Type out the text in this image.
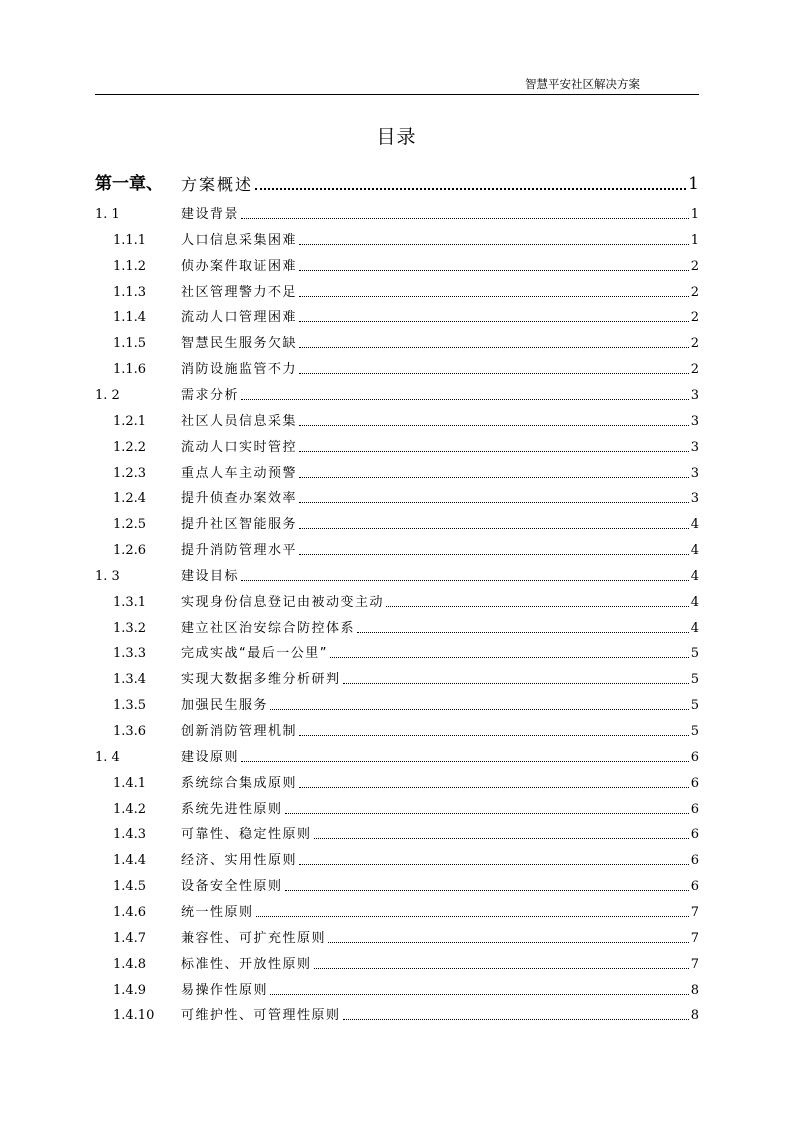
智慧平安社区解决方案
目录
第一章、 方案概述	1
1. 1	建设背景	1
1.1.1	人口信息采集困难	1
1.1.2	侦办案件取证困难	2
1.1.3	社区管理警力不足	2
1.1.4	流动人口管理困难	2
1.1.5	智慧民生服务欠缺	2
1.1.6	消防设施监管不力	2
1. 2	需求分析	3
1.2.1	社区人员信息采集	3
1.2.2	流动人口实时管控	3
1.2.3	重点人车主动预警	3
1.2.4	提升侦查办案效率	3
1.2.5	提升社区智能服务	4
1.2.6	提升消防管理水平	4
1. 3	建设目标	4
1.3.1	实现身份信息登记由被动变主动	4
1.3.2	建立社区治安综合防控体系	4
1.3.3	完成实战“最后一公里”	5
1.3.4	实现大数据多维分析研判	5
1.3.5	加强民生服务	5
1.3.6	创新消防管理机制	5
1. 4	建设原则	6
1.4.1	系统综合集成原则	6
1.4.2	系统先进性原则	6
1.4.3	可靠性、稳定性原则	6
1.4.4	经济、实用性原则	6
1.4.5	设备安全性原则	6
1.4.6	统一性原则	7
1.4.7	兼容性、可扩充性原则	7
1.4.8	标准性、开放性原则	7
1.4.9	易操作性原则	8
1.4.10 可维护性、可管理性原则	8
